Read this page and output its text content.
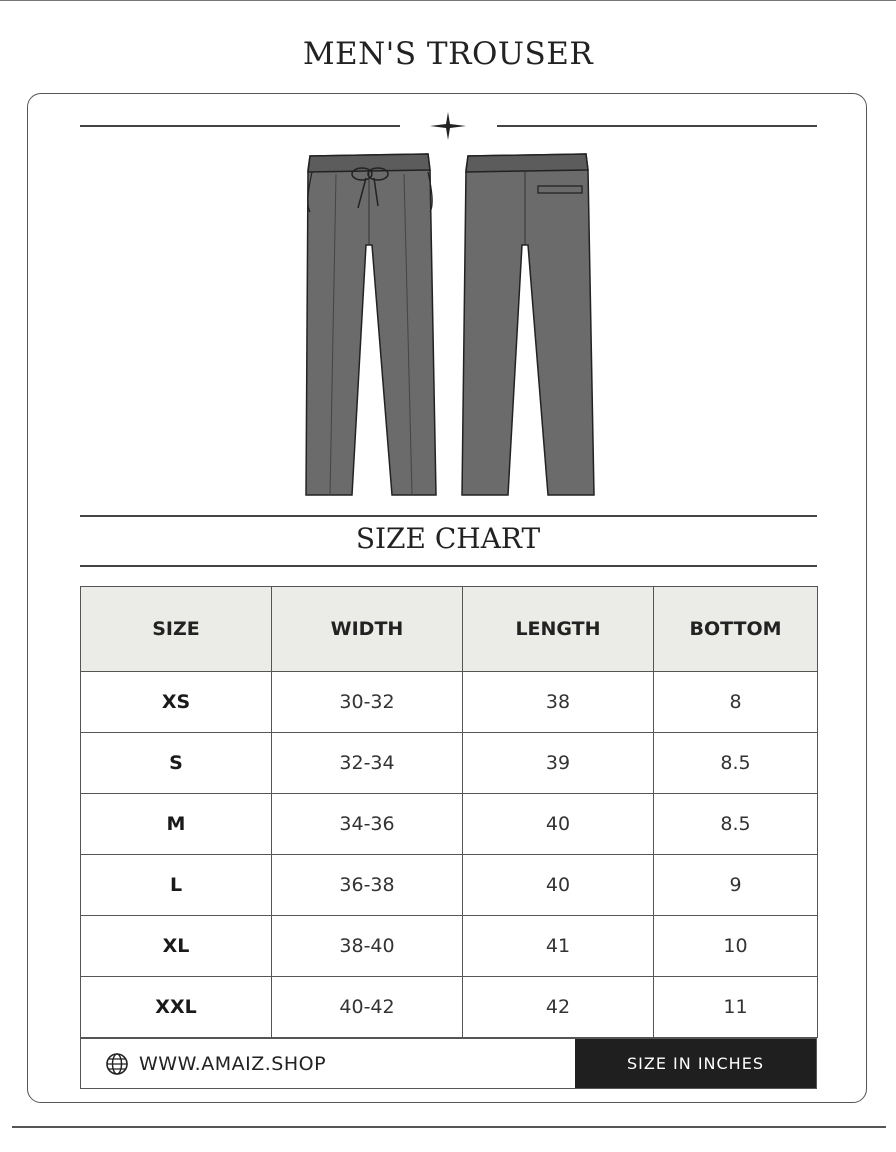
MEN'S TROUSER
SIZE CHART
SIZE	WIDTH	LENGTH	BOTTOM
XS	30-32	38	8
S	32-34	39	8.5
M	34-36	40	8.5
L	36-38	40	9
XL	38-40	41	10
XXL	40-42	42	11
WWW.AMAIZ.SHOP	SIZE IN INCHES
